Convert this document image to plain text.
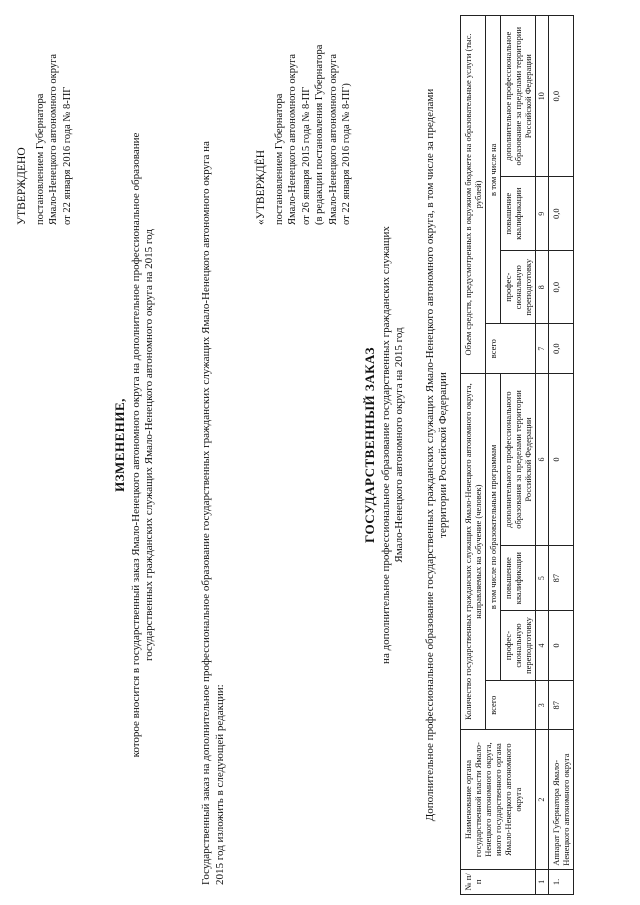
УТВЕРЖДЕНО постановлением Губернатора Ямало-Ненецкого автономного округа от 22 января 2016 года № 8-ПГ
ИЗМЕНЕНИЕ, которое вносится в государственный заказ Ямало-Ненецкого автономного округа на дополнительное профессиональное образование государственных гражданских служащих Ямало-Ненецкого автономного округа на 2015 год	Государственный заказ на дополнительное профессиональное образование государственных гражданских служащих Ямало-Ненецкого автономного округа на 2015 год изложить в следующей редакции:
«УТВЕРЖДЁН постановлением Губернатора Ямало-Ненецкого автономного округа от 26 января 2015 года № 8-ПГ (в редакции постановления Губернатора Ямало-Ненецкого автономного округа от 22 января 2016 года № 8-ПГ)
ГОСУДАРСТВЕННЫЙ ЗАКАЗ на дополнительное профессиональное образование государственных гражданских служащих Ямало-Ненецкого автономного округа на 2015 год Дополнительное профессиональное образование государственных гражданских служащих Ямало-Ненецкого автономного округа, в том числе за пределами территории Российской Федерации
№ п/п	Наименование органа государственной власти Ямало-Ненецкого автономного округа, иного государственного органа Ямало-Ненецкого автономного округа	Количество государственных гражданских служащих Ямало-Ненецкого автономного округа, направляемых на обучение (человек)				Объем средств, предусмотренных в окружном бюджете на образовательные услуги (тыс. рублей)			
		всего	в том числе по образовательным программам			всего	в том числе на		
			профес-сиональную переподготовку	повышение квалификации	дополнительного профессионального образования за пределами территории Российской Федерации		профес-сиональную переподготовку	повышение квалификации	дополнительное профессиональное образование за пределами территории Российской Федерации
1	2	3	4	5	6	7	8	9	10
1.	Аппарат Губернатора Ямало-Ненецкого автономного округа	87	0	87	0	0,0	0,0	0,0	0,0
